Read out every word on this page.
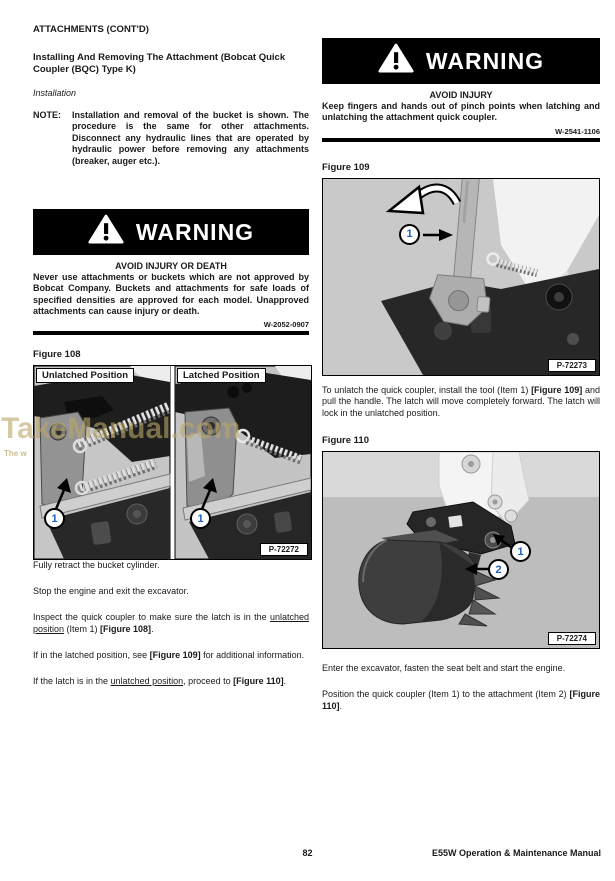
ATTACHMENTS (CONT'D)
Installing And Removing The Attachment (Bobcat Quick Coupler (BQC) Type K)
Installation
NOTE:	Installation and removal of the bucket is shown. The procedure is the same for other attachments. Disconnect any hydraulic lines that are operated by hydraulic power before removing any attachments (breaker, auger etc.).
WARNING
AVOID INJURY OR DEATH
Never use attachments or buckets which are not approved by Bobcat Company. Buckets and attachments for safe loads of specified densities are approved for each model. Unapproved attachments can cause injury or death.
W-2052-0907
Figure 108
Unlatched Position	Latched Position
1	1
P-72272

Fully retract the bucket cylinder.

Stop the engine and exit the excavator.

Inspect the quick coupler to make sure the latch is in the unlatched position (Item 1) [Figure 108].

If in the latched position, see [Figure 109] for additional information.

If the latch is in the unlatched position, proceed to [Figure 110].

WARNING
AVOID INJURY
Keep fingers and hands out of pinch points when latching and unlatching the attachment quick coupler.
W-2541-1106
Figure 109
1
P-72273

To unlatch the quick coupler, install the tool (Item 1) [Figure 109] and pull the handle. The latch will move completely forward. The latch will lock in the unlatched position.

Figure 110
1
2
P-72274

Enter the excavator, fasten the seat belt and start the engine.

Position the quick coupler (Item 1) to the attachment (Item 2) [Figure 110].

TakeManual.com
The w
82	E55W Operation & Maintenance Manual
